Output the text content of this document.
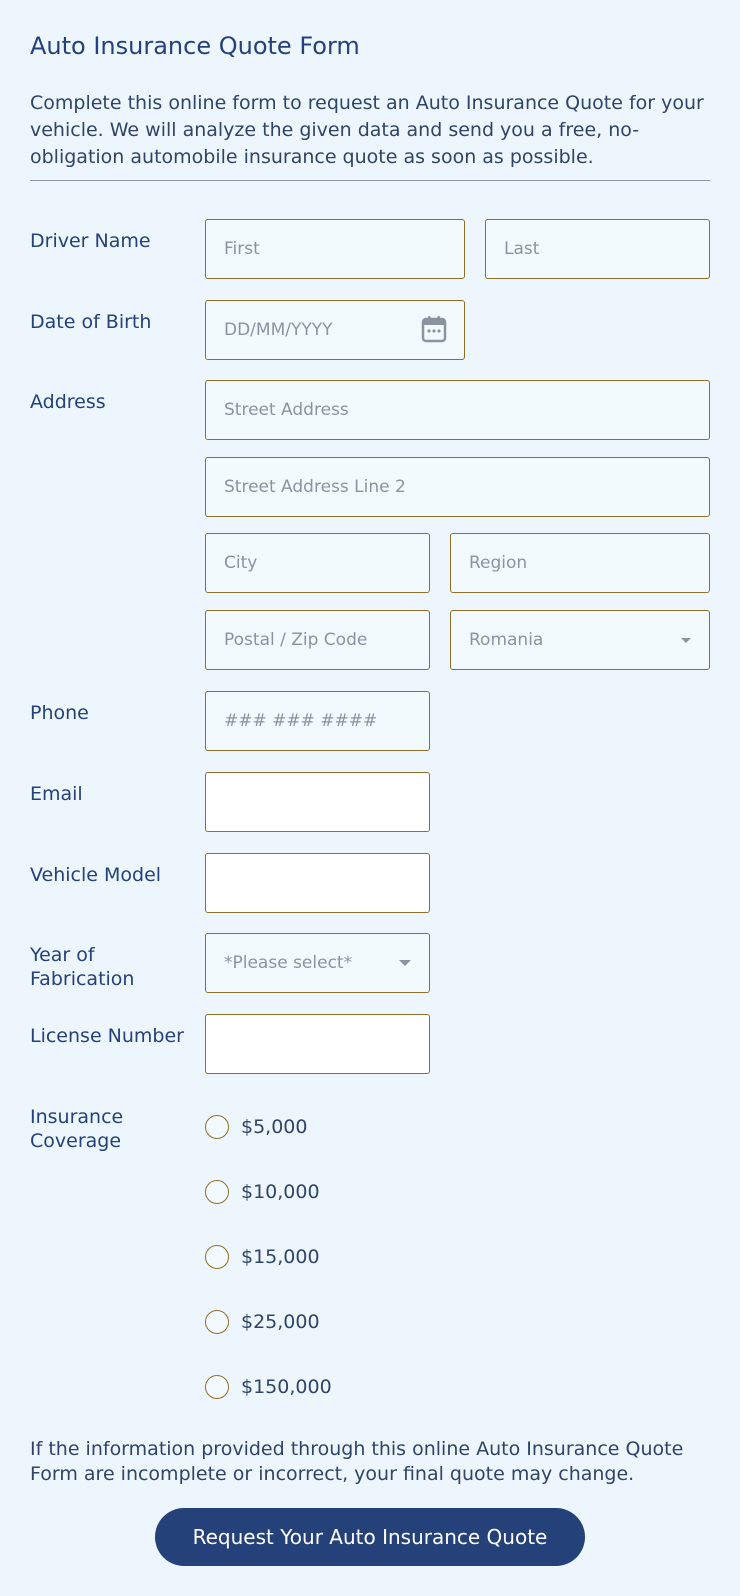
Auto Insurance Quote Form
Complete this online form to request an Auto Insurance Quote for your vehicle. We will analyze the given data and send you a free, no-obligation automobile insurance quote as soon as possible.
Driver Name
First
Last
Date of Birth
DD/MM/YYYY
Address
Street Address
Street Address Line 2
City
Region
Postal / Zip Code
Romania
Phone
### ### ####
Email
Vehicle Model
Year of
Fabrication
*Please select*
License Number
Insurance
Coverage
$5,000
$10,000
$15,000
$25,000
$150,000
If the information provided through this online Auto Insurance Quote Form are incomplete or incorrect, your final quote may change.
Request Your Auto Insurance Quote
